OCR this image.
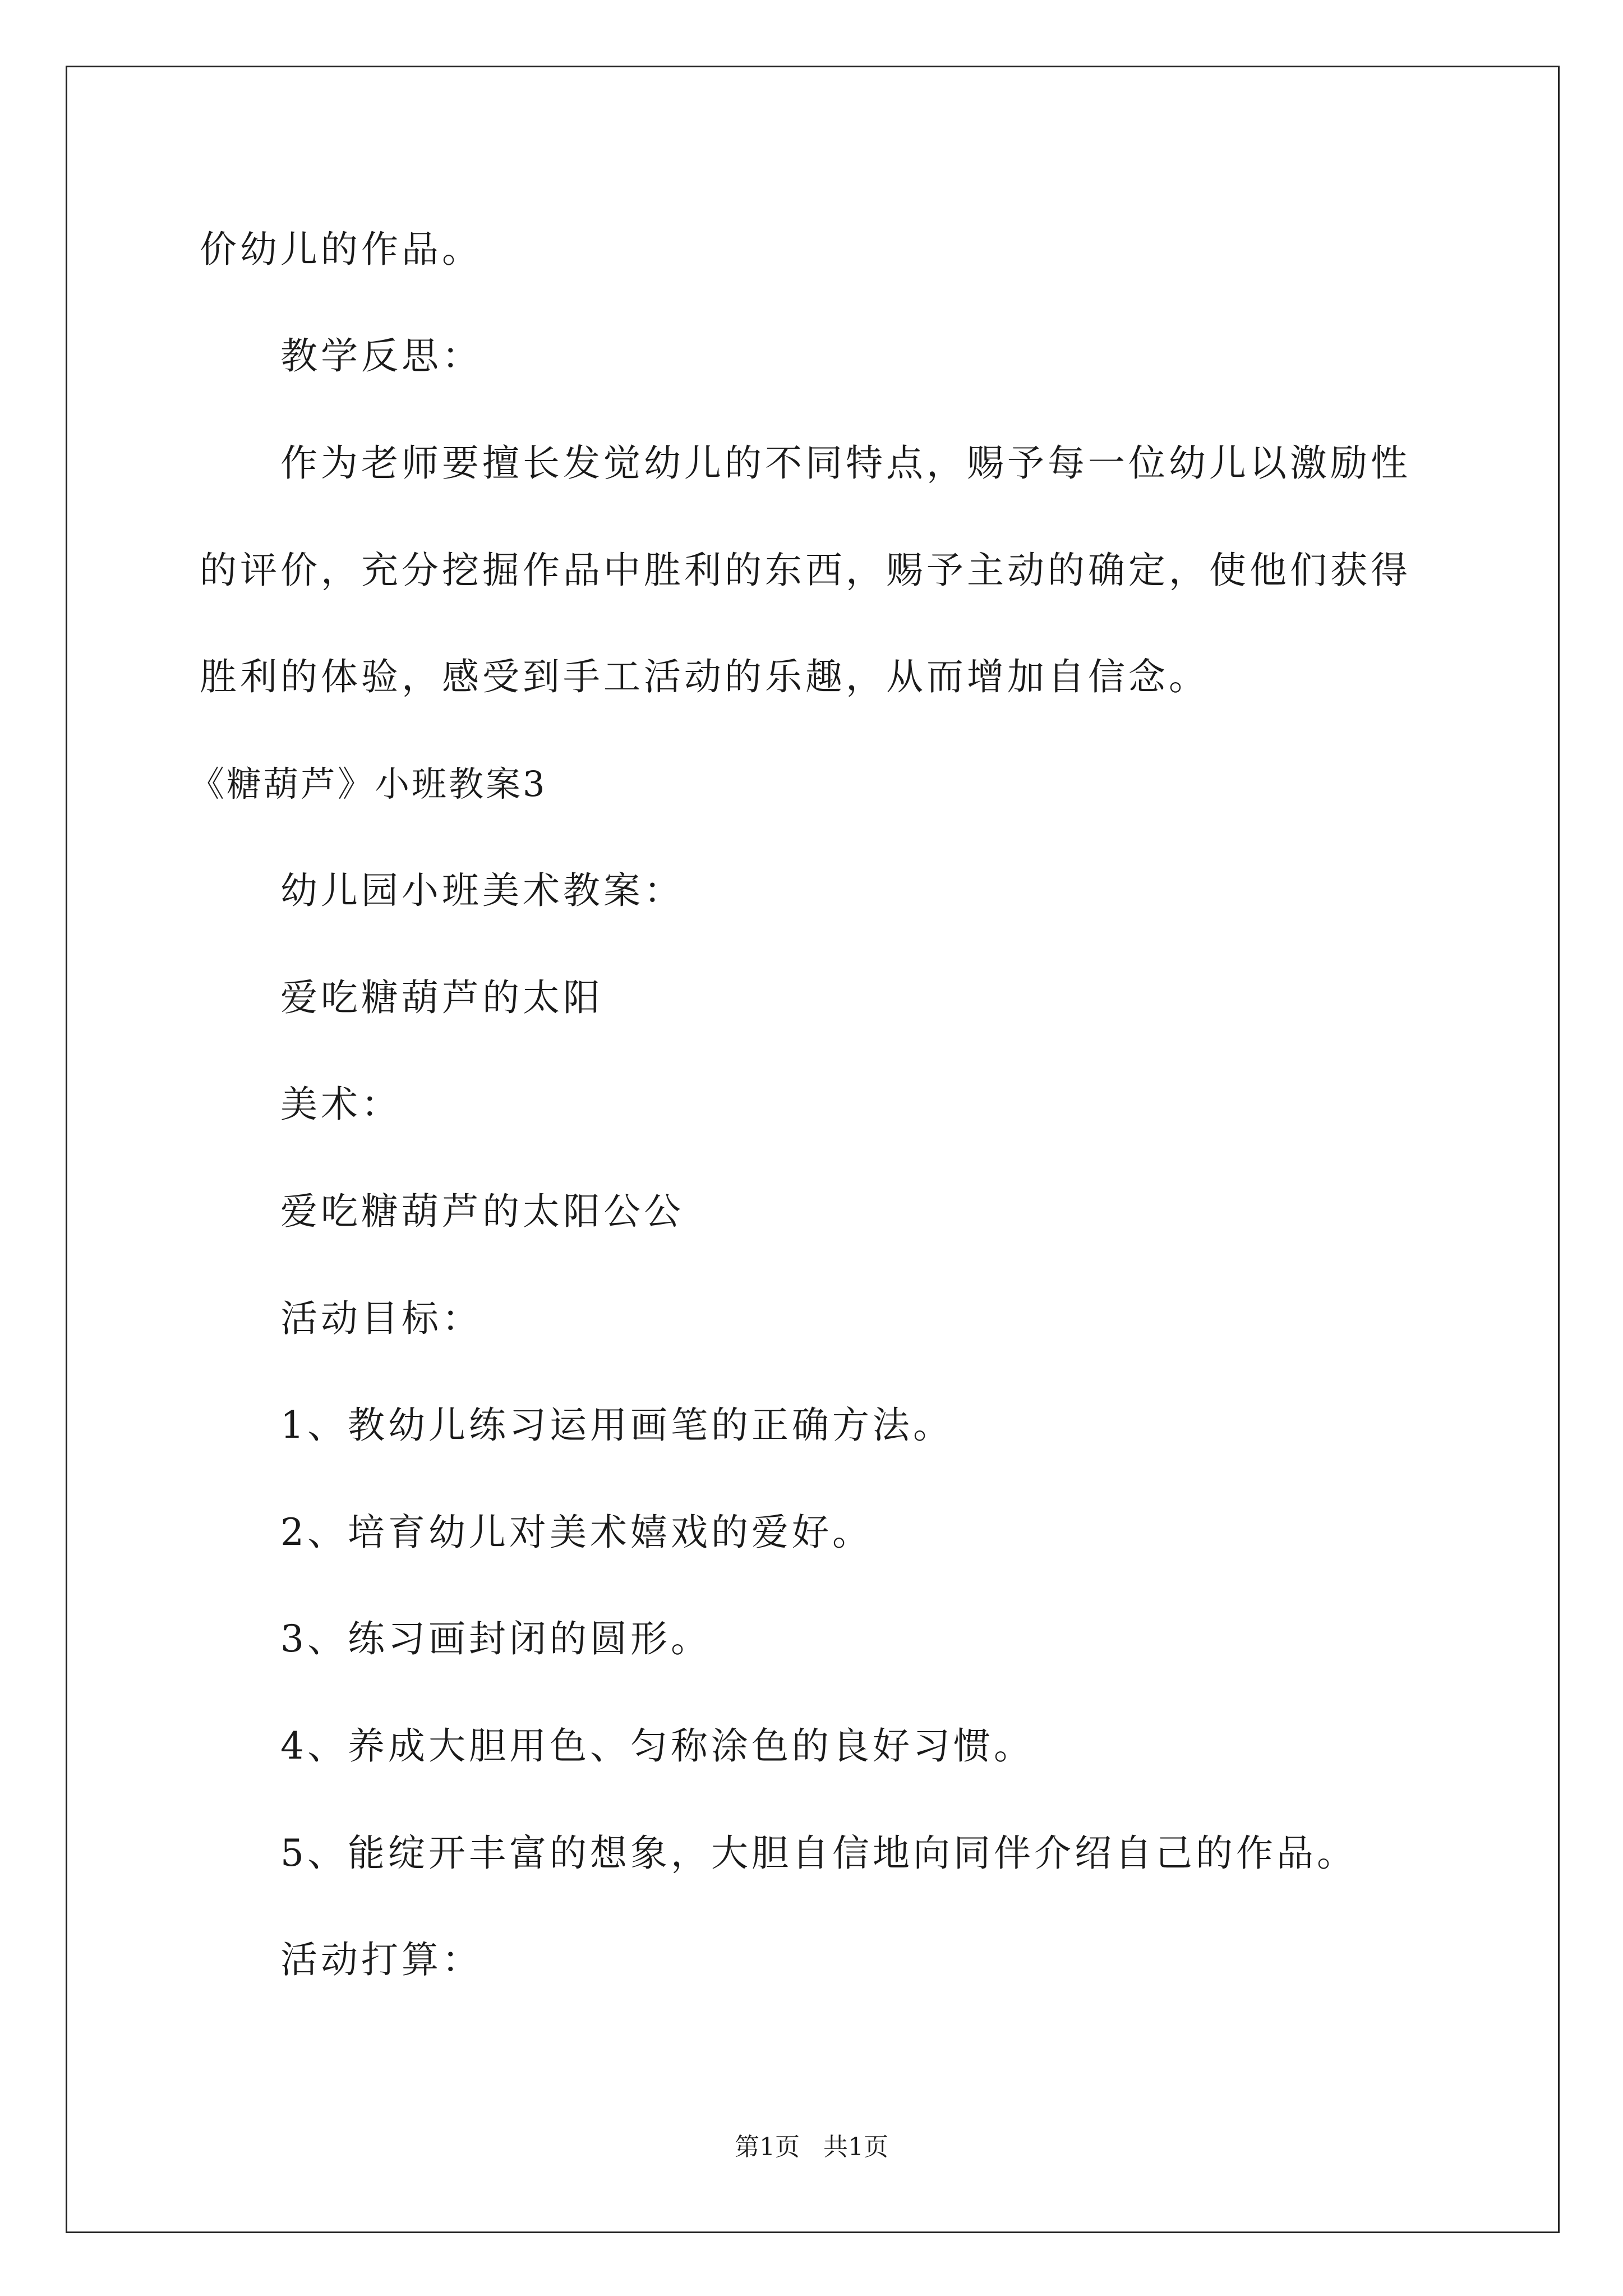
价幼儿的作品。
教学反思：
作为老师要擅长发觉幼儿的不同特点，赐予每一位幼儿以激励性
的评价，充分挖掘作品中胜利的东西，赐予主动的确定，使他们获得
胜利的体验，感受到手工活动的乐趣，从而增加自信念。
《糖葫芦》小班教案3
幼儿园小班美术教案：
爱吃糖葫芦的太阳
美术：
爱吃糖葫芦的太阳公公
活动目标：
1、教幼儿练习运用画笔的正确方法。
2、培育幼儿对美术嬉戏的爱好。
3、练习画封闭的圆形。
4、养成大胆用色、匀称涂色的良好习惯。
5、能绽开丰富的想象，大胆自信地向同伴介绍自己的作品。
活动打算：
第1页   共1页
